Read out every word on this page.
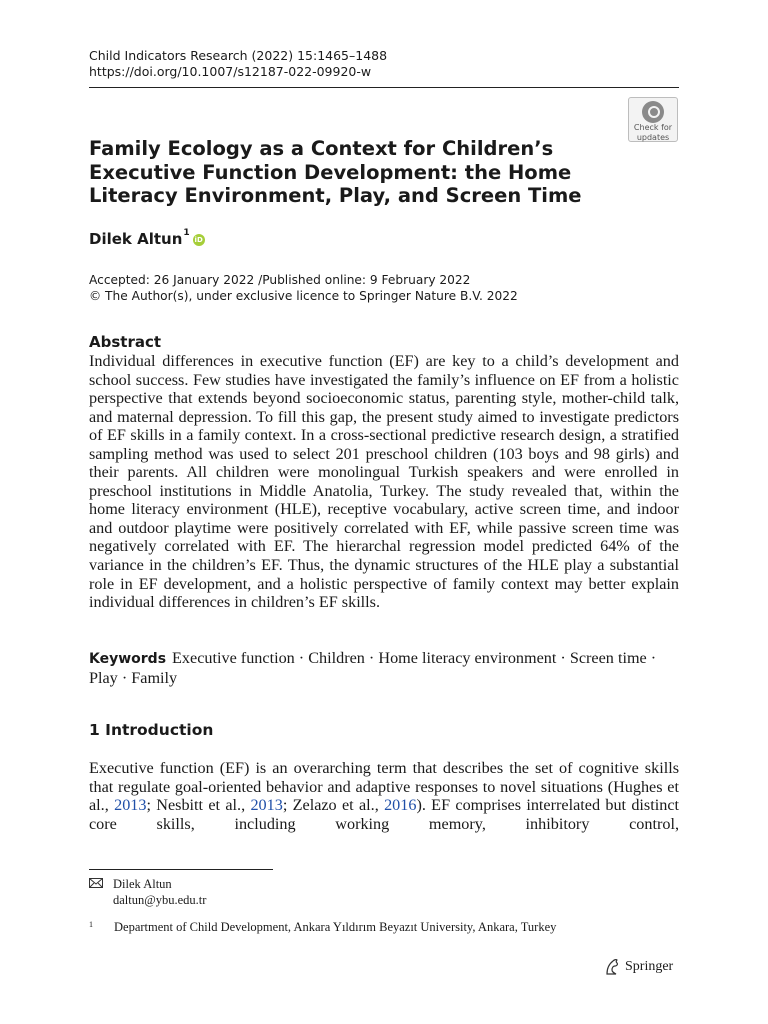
Child Indicators Research (2022) 15:1465–1488
https://doi.org/10.1007/s12187-022-09920-w
Check for
updates
Family Ecology as a Context for Children’s Executive Function Development: the Home Literacy Environment, Play, and Screen Time
Dilek Altun$^1$
iD
Accepted: 26 January 2022 /Published online: 9 February 2022
© The Author(s), under exclusive licence to Springer Nature B.V. 2022
Abstract

Individual differences in executive function (EF) are key to a child’s development and school success. Few studies have investigated the family’s influence on EF from a holistic perspective that extends beyond socioeconomic status, parenting style, mother-child talk, and maternal depression. To fill this gap, the present study aimed to investigate predictors of EF skills in a family context. In a cross-sectional predictive research design, a stratified sampling method was used to select 201 preschool children (103 boys and 98 girls) and their parents. All children were monolingual Turkish speakers and were enrolled in preschool institutions in Middle Anatolia, Turkey. The study revealed that, within the home literacy environment (HLE), receptive vocabulary, active screen time, and indoor and outdoor playtime were positively correlated with EF, while passive screen time was negatively correlated with EF. The hierarchal regression model predicted 64% of the variance in the children’s EF. Thus, the dynamic structures of the HLE play a substantial role in EF development, and a holistic perspective of family context may better explain individual differences in children’s EF skills.

Keywords Executive function · Children · Home literacy environment · Screen time · Play · Family

1 Introduction

Executive function (EF) is an overarching term that describes the set of cognitive skills that regulate goal-oriented behavior and adaptive responses to novel situations (Hughes et al., 2013; Nesbitt et al., 2013; Zelazo et al., 2016). EF comprises interrelated but distinct core skills, including working memory, inhibitory control,

Dilek Altun
daltun@ybu.edu.tr
$^1$ Department of Child Development, Ankara Yıldırım Beyazıt University, Ankara, Turkey
Springer
